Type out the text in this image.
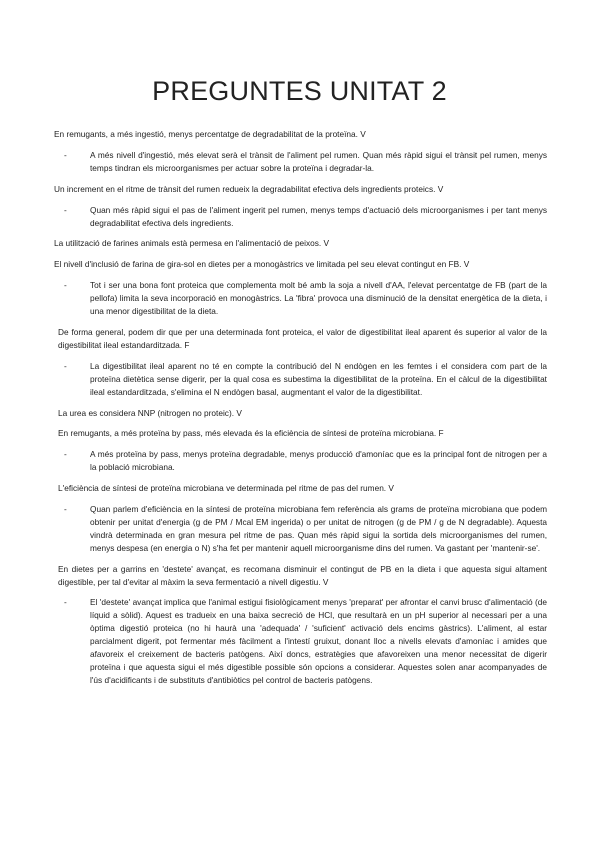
PREGUNTES UNITAT 2

En remugants, a més ingestió, menys percentatge de degradabilitat de la proteïna. V

-	A més nivell d'ingestió, més elevat serà el trànsit de l'aliment pel rumen. Quan més ràpid sigui el trànsit pel rumen, menys temps tindran els microorganismes per actuar sobre la proteïna i degradar-la.

Un increment en el ritme de trànsit del rumen redueix la degradabilitat efectiva dels ingredients proteics. V

-	Quan més ràpid sigui el pas de l'aliment ingerit pel rumen, menys temps d'actuació dels microorganismes i per tant menys degradabilitat efectiva dels ingredients.

La utilització de farines animals està permesa en l'alimentació de peixos. V

El nivell d'inclusió de farina de gira-sol en dietes per a monogàstrics ve limitada pel seu elevat contingut en FB. V

-	Tot i ser una bona font proteica que complementa molt bé amb la soja a nivell d'AA, l'elevat percentatge de FB (part de la pellofa) limita la seva incorporació en monogàstrics. La 'fibra' provoca una disminució de la densitat energètica de la dieta, i una menor digestibilitat de la dieta.

De forma general, podem dir que per una determinada font proteica, el valor de digestibilitat ileal aparent és superior al valor de la digestibilitat ileal estandarditzada. F

-	La digestibilitat ileal aparent no té en compte la contribució del N endògen en les femtes i el considera com part de la proteïna dietètica sense digerir, per la qual cosa es subestima la digestibilitat de la proteïna. En el càlcul de la digestibilitat ileal estandarditzada, s'elimina el N endògen basal, augmentant el valor de la digestibilitat.

La urea es considera NNP (nitrogen no proteic). V

En remugants, a més proteïna by pass, més elevada és la eficiència de síntesi de proteïna microbiana. F

-	A més proteïna by pass, menys proteïna degradable, menys producció d'amoníac que es la principal font de nitrogen per a la població microbiana.

L'eficiència de síntesi de proteïna microbiana ve determinada pel ritme de pas del rumen. V

-	Quan parlem d'eficiència en la síntesi de proteïna microbiana fem referència als grams de proteïna microbiana que podem obtenir per unitat d'energia (g de PM / Mcal EM ingerida) o per unitat de nitrogen (g de PM / g de N degradable). Aquesta vindrà determinada en gran mesura pel ritme de pas. Quan més ràpid sigui la sortida dels microorganismes del rumen, menys despesa (en energia o N) s'ha fet per mantenir aquell microorganisme dins del rumen. Va gastant per 'mantenir-se'.

En dietes per a garrins en 'destete' avançat, es recomana disminuir el contingut de PB en la dieta i que aquesta sigui altament digestible, per tal d'evitar al màxim la seva fermentació a nivell digestiu. V

-	El 'destete' avançat implica que l'animal estigui fisiològicament menys 'preparat' per afrontar el canvi brusc d'alimentació (de líquid a sòlid). Aquest es tradueix en una baixa secreció de HCl, que resultarà en un pH superior al necessari per a una òptima digestió proteica (no hi haurà una 'adequada' / 'suficient' activació dels encims gàstrics). L'aliment, al estar parcialment digerit, pot fermentar més fàcilment a l'intestí gruixut, donant lloc a nivells elevats d'amoníac i amides que afavoreix el creixement de bacteris patògens. Així doncs, estratègies que afavoreixen una menor necessitat de digerir proteïna i que aquesta sigui el més digestible possible són opcions a considerar. Aquestes solen anar acompanyades de l'ús d'acidificants i de substituts d'antibiòtics pel control de bacteris patògens.
